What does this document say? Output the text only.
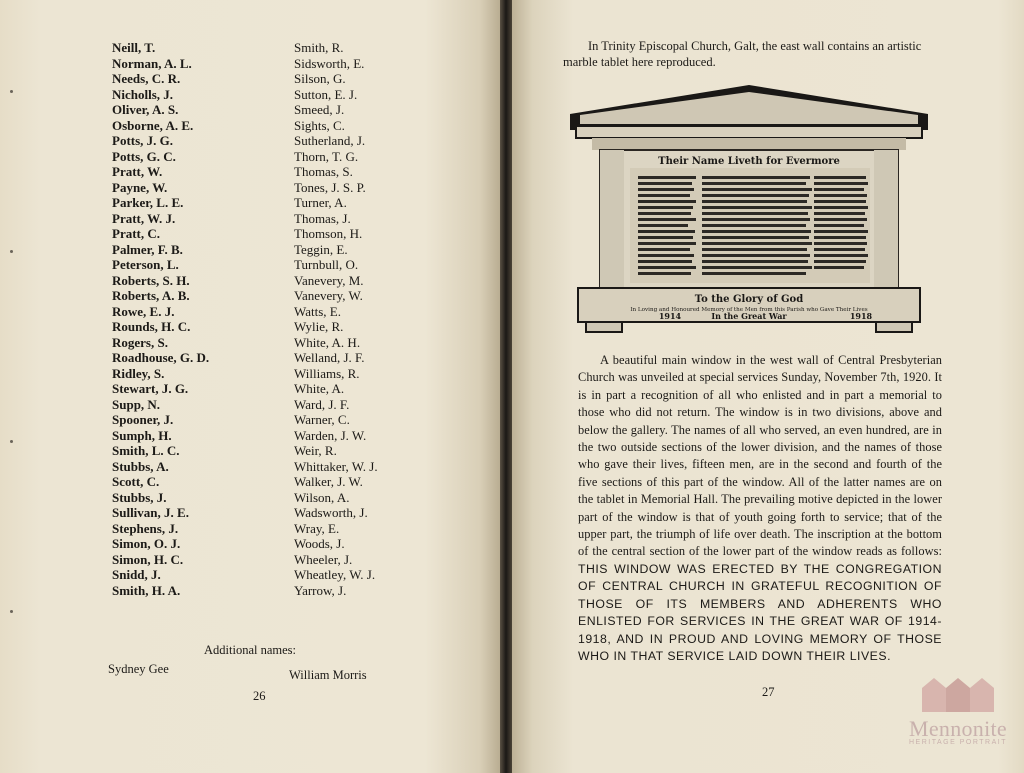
Neill, T.
Norman, A. L.
Needs, C. R.
Nicholls, J.
Oliver, A. S.
Osborne, A. E.
Potts, J. G.
Potts, G. C.
Pratt, W.
Payne, W.
Parker, L. E.
Pratt, W. J.
Pratt, C.
Palmer, F. B.
Peterson, L.
Roberts, S. H.
Roberts, A. B.
Rowe, E. J.
Rounds, H. C.
Rogers, S.
Roadhouse, G. D.
Ridley, S.
Stewart, J. G.
Supp, N.
Spooner, J.
Sumph, H.
Smith, L. C.
Stubbs, A.
Scott, C.
Stubbs, J.
Sullivan, J. E.
Stephens, J.
Simon, O. J.
Simon, H. C.
Snidd, J.
Smith, H. A.
Smith, R.
Sidsworth, E.
Silson, G.
Sutton, E. J.
Smeed, J.
Sights, C.
Sutherland, J.
Thorn, T. G.
Thomas, S.
Tones, J. S. P.
Turner, A.
Thomas, J.
Thomson, H.
Teggin, E.
Turnbull, O.
Vanevery, M.
Vanevery, W.
Watts, E.
Wylie, R.
White, A. H.
Welland, J. F.
Williams, R.
White, A.
Ward, J. F.
Warner, C.
Warden, J. W.
Weir, R.
Whittaker, W. J.
Walker, J. W.
Wilson, A.
Wadsworth, J.
Wray, E.
Woods, J.
Wheeler, J.
Wheatley, W. J.
Yarrow, J.
Additional names:
Sydney Gee	William Morris
26
In Trinity Episcopal Church, Galt, the east wall contains an artistic marble tablet here reproduced.
Their Name Liveth for Evermore
To the Glory of God
In Loving and Honoured Memory of the Men from this Parish who Gave Their Lives
1914	In the Great War	1918
A beautiful main window in the west wall of Central Presbyterian Church was unveiled at special services Sunday, November 7th, 1920. It is in part a recognition of all who enlisted and in part a memorial to those who did not return. The window is in two divisions, above and below the gallery. The names of all who served, an even hundred, are in the two outside sections of the lower division, and the names of those who gave their lives, fifteen men, are in the second and fourth of the five sections of this part of the window. All of the latter names are on the tablet in Memorial Hall. The prevailing motive depicted in the lower part of the window is that of youth going forth to service; that of the upper part, the triumph of life over death. The inscription at the bottom of the central section of the lower part of the window reads as follows: THIS WINDOW WAS ERECTED BY THE CONGREGATION OF CENTRAL CHURCH IN GRATEFUL RECOGNITION OF THOSE OF ITS MEMBERS AND ADHERENTS WHO ENLISTED FOR SERVICES IN THE GREAT WAR OF 1914-1918, AND IN PROUD AND LOVING MEMORY OF THOSE WHO IN THAT SERVICE LAID DOWN THEIR LIVES.
27
Mennonite
HERITAGE PORTRAIT
